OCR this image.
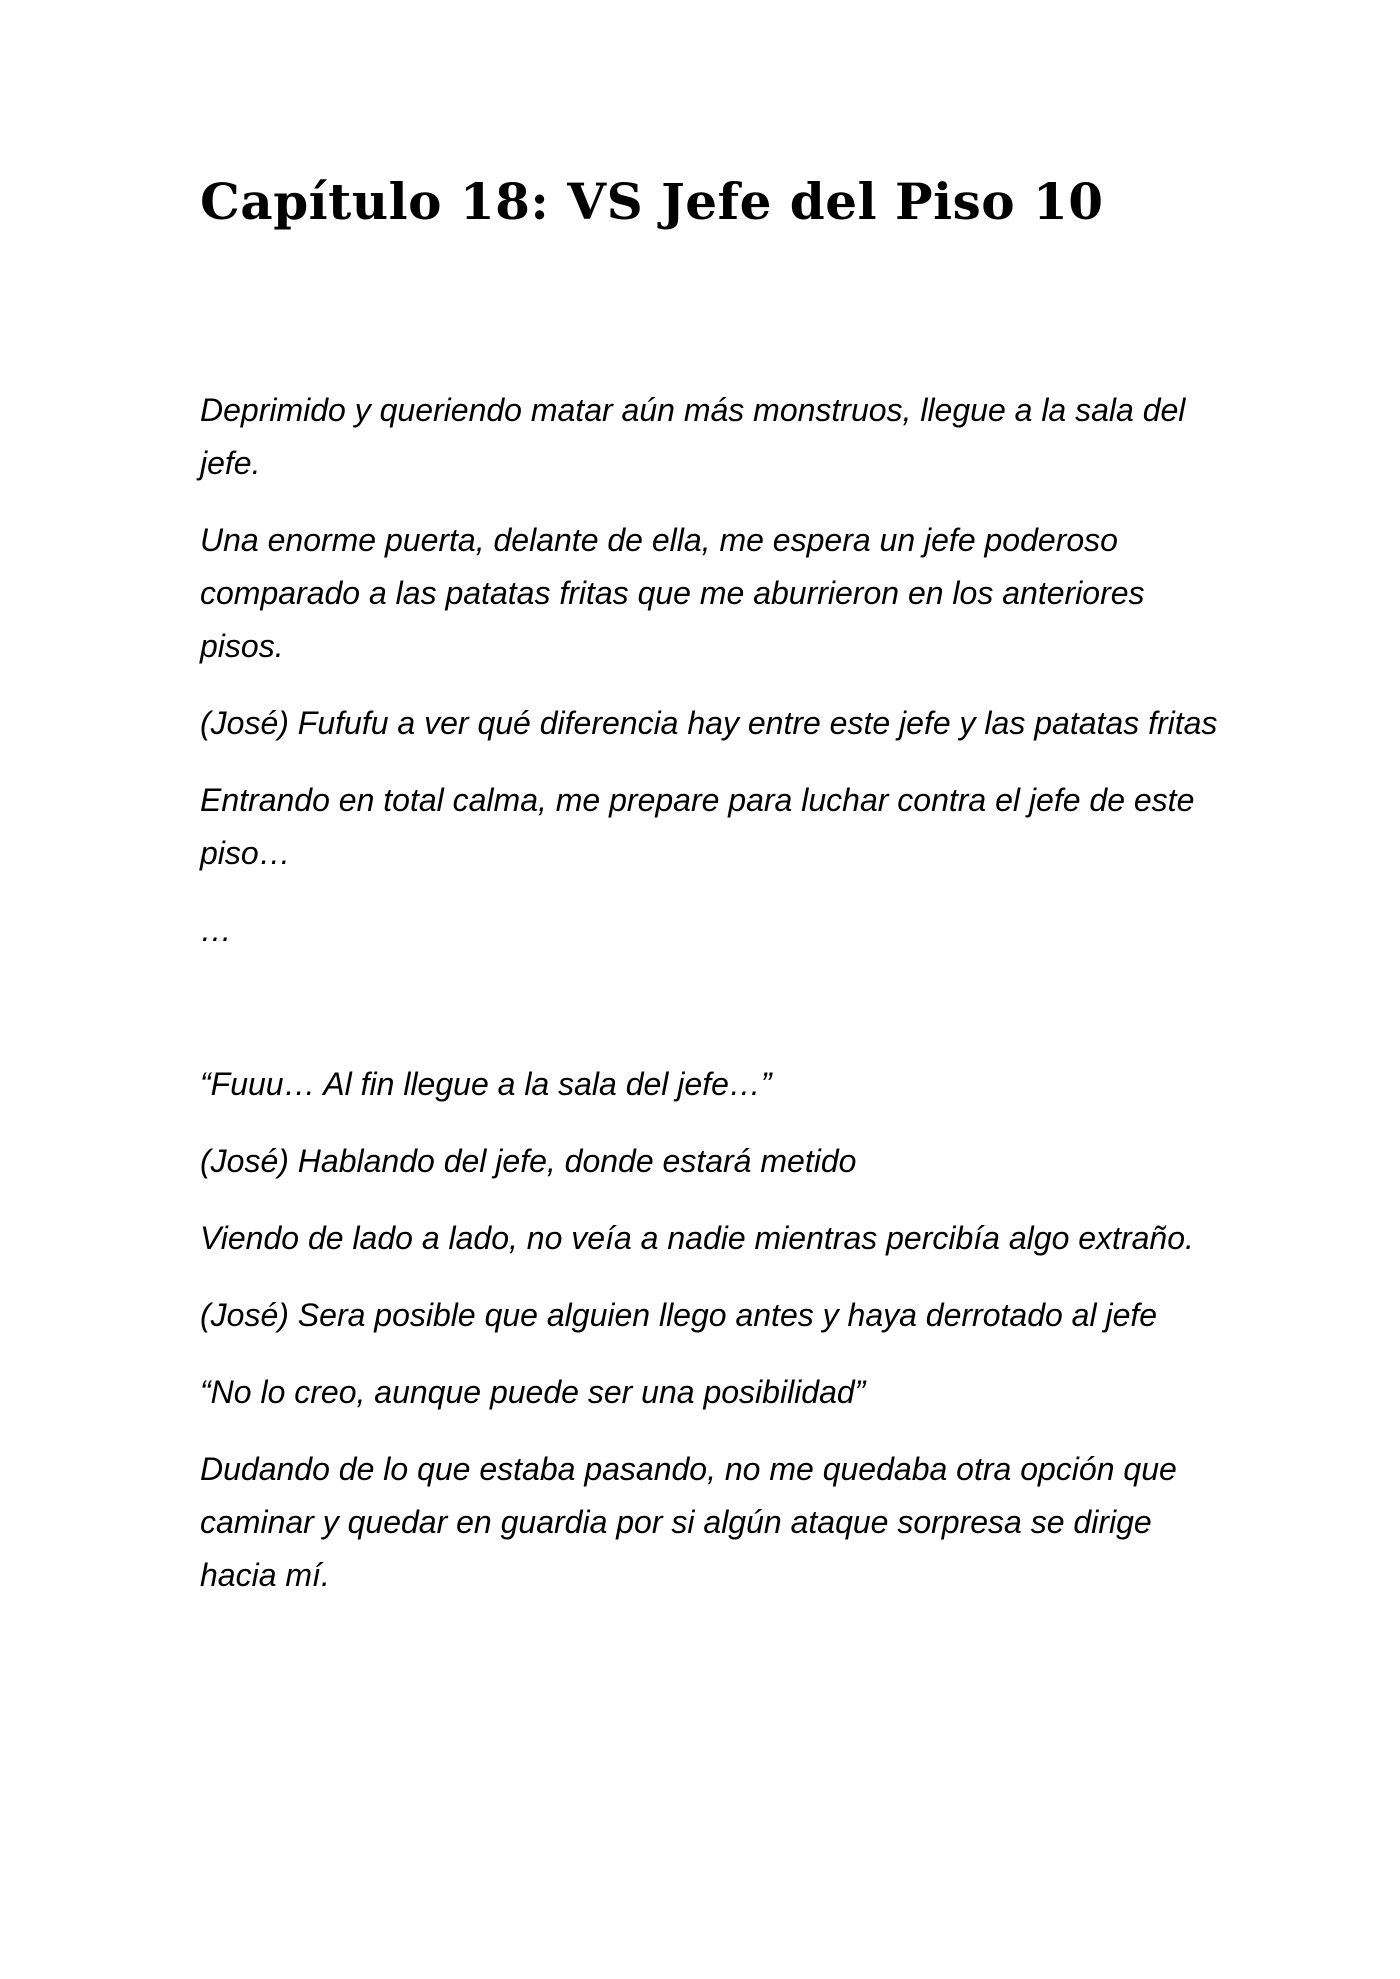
Capítulo 18: VS Jefe del Piso 10

Deprimido y queriendo matar aún más monstruos, llegue a la sala del jefe.

Una enorme puerta, delante de ella, me espera un jefe poderoso comparado a las patatas fritas que me aburrieron en los anteriores pisos.

(José) Fufufu a ver qué diferencia hay entre este jefe y las patatas fritas

Entrando en total calma, me prepare para luchar contra el jefe de este piso…

…

“Fuuu… Al fin llegue a la sala del jefe…”

(José) Hablando del jefe, donde estará metido

Viendo de lado a lado, no veía a nadie mientras percibía algo extraño.

(José) Sera posible que alguien llego antes y haya derrotado al jefe

“No lo creo, aunque puede ser una posibilidad”

Dudando de lo que estaba pasando, no me quedaba otra opción que caminar y quedar en guardia por si algún ataque sorpresa se dirige hacia mí.
